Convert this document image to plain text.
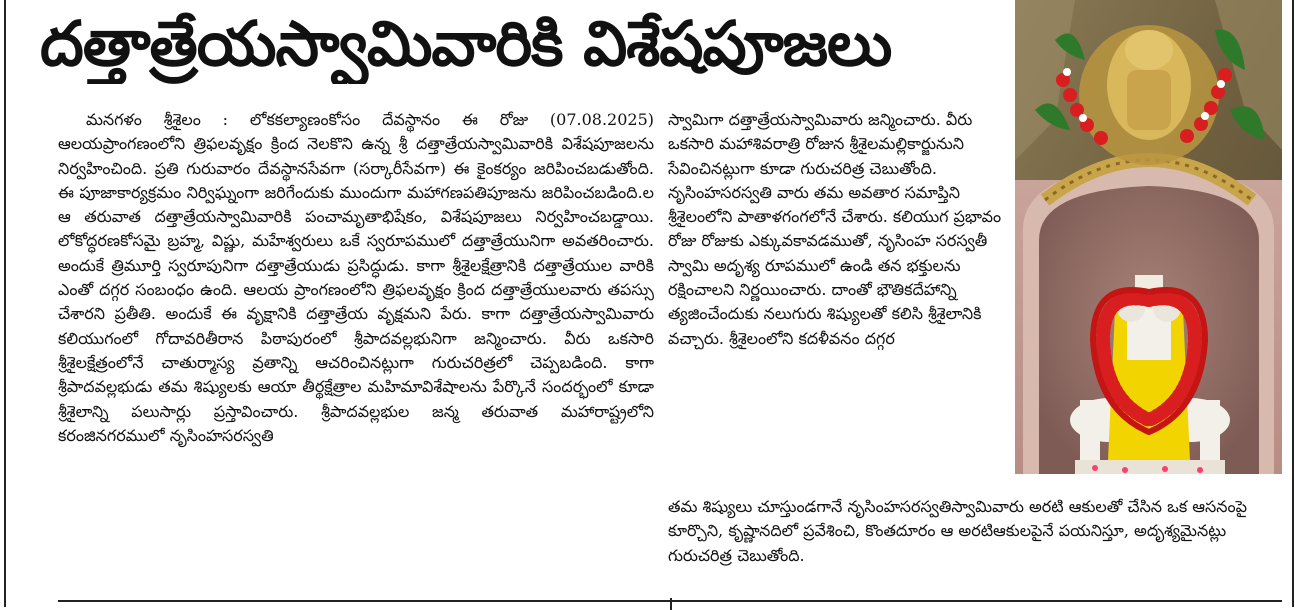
దత్తాత్రేయస్వామివారికి విశేషపూజలు

మనగళం శ్రీశైలం : లోకకల్యాణంకోసం దేవస్థానం ఈ రోజు (07.08.2025) ఆలయప్రాంగణంలోని త్రిఫలవృక్షం క్రింద నెలకొని ఉన్న శ్రీ దత్తాత్రేయస్వామివారికి విశేషపూజలను నిర్వహించింది. ప్రతి గురువారం దేవస్థానసేవగా (సర్కారీసేవగా) ఈ కైంకర్యం జరిపించబడుతోంది. ఈ పూజాకార్యక్రమం నిర్విఘ్నంగా జరిగేందుకు ముందుగా మహాగణపతిపూజను జరిపించబడింది.ల ఆ తరువాత దత్తాత్రేయస్వామివారికి పంచామృతాభిషేకం, విశేషపూజలు నిర్వహించబడ్డాయి. లోకోద్ధరణకోసమై బ్రహ్మ, విష్ణు, మహేశ్వరులు ఒకే స్వరూపములో దత్తాత్రేయునిగా అవతరించారు. అందుకే త్రిమూర్తి స్వరూపునిగా దత్తాత్రేయుడు ప్రసిద్ధుడు. కాగా శ్రీశైలక్షేత్రానికి దత్తాత్రేయుల వారికి ఎంతో దగ్గర సంబంధం ఉంది. ఆలయ ప్రాంగణంలోని త్రిఫలవృక్షం క్రింద దత్తాత్రేయులవారు తపస్సు చేశారని ప్రతీతి. అందుకే ఈ వృక్షానికి దత్తాత్రేయ వృక్షమని పేరు. కాగా దత్తాత్రేయస్వామివారు కలియుగంలో గోదావరితీరాన పిఠాపురంలో శ్రీపాదవల్లభునిగా జన్మించారు. వీరు ఒకసారి శ్రీశైలక్షేత్రంలోనే చాతుర్మాస్య వ్రతాన్ని ఆచరించినట్లుగా గురుచరిత్రలో చెప్పబడింది. కాగా శ్రీపాదవల్లభుడు తమ శిష్యులకు ఆయా తీర్థక్షేత్రాల మహిమావిశేషాలను పేర్కొనే సందర్భంలో కూడా శ్రీశైలాన్ని పలుసార్లు ప్రస్తావించారు. శ్రీపాదవల్లభుల జన్మ తరువాత మహారాష్ట్రలోని కరంజినగరములో నృసింహసరస్వతి

స్వామిగా దత్తాత్రేయస్వామివారు జన్మించారు. వీరు ఒకసారి మహాశివరాత్రి రోజున శ్రీశైలమల్లికార్జునుని సేవించినట్లుగా కూడా గురుచరిత్ర చెబుతోంది.

నృసింహసరస్వతి వారు తమ అవతార సమాప్తిని శ్రీశైలంలోని పాతాళగంగలోనే చేశారు. కలియుగ ప్రభావం రోజు రోజుకు ఎక్కువకావడముతో, నృసింహ సరస్వతీ స్వామి అదృశ్య రూపములో ఉండి తన భక్తులను రక్షించాలని నిర్ణయించారు. దాంతో భౌతికదేహాన్ని త్యజించేందుకు నలుగురు శిష్యులతో కలిసి శ్రీశైలానికి వచ్చారు. శ్రీశైలంలోని కదళీవనం దగ్గర

తమ శిష్యులు చూస్తుండగానే నృసింహసరస్వతిస్వామివారు అరటి ఆకులతో చేసిన ఒక ఆసనంపై కూర్చొని, కృష్ణానదిలో ప్రవేశించి, కొంతదూరం ఆ అరటిఆకులపైనే పయనిస్తూ, అదృశ్యమైనట్లు గురుచరిత్ర చెబుతోంది.
